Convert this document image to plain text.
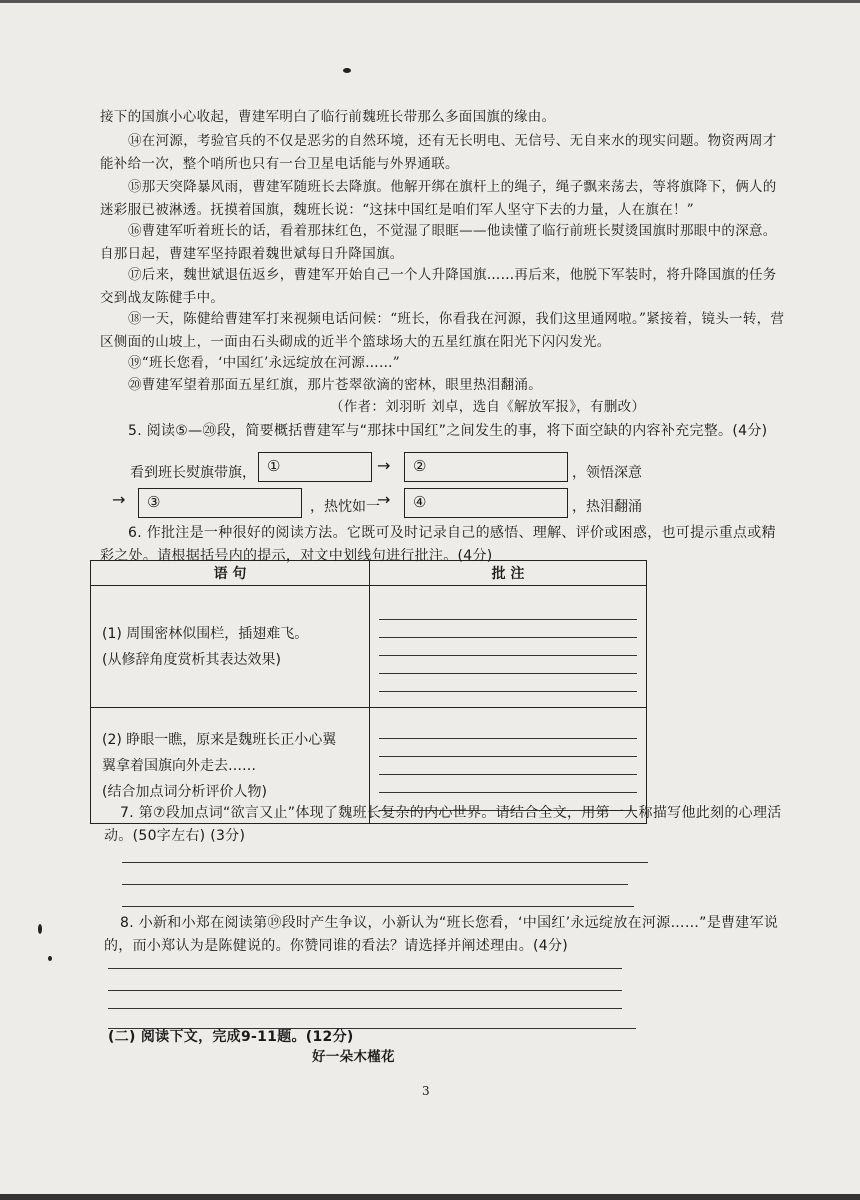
接下的国旗小心收起，曹建军明白了临行前魏班长带那么多面国旗的缘由。

⑭在河源，考验官兵的不仅是恶劣的自然环境，还有无长明电、无信号、无自来水的现实问题。物资两周才能补给一次，整个哨所也只有一台卫星电话能与外界通联。

⑮那天突降暴风雨，曹建军随班长去降旗。他解开绑在旗杆上的绳子，绳子飘来荡去，等将旗降下，俩人的迷彩服已被淋透。抚摸着国旗，魏班长说：“这抹中国红是咱们军人坚守下去的力量，人在旗在！”

⑯曹建军听着班长的话，看着那抹红色，不觉湿了眼眶——他读懂了临行前班长熨烫国旗时那眼中的深意。自那日起，曹建军坚持跟着魏世斌每日升降国旗。

⑰后来，魏世斌退伍返乡，曹建军开始自己一个人升降国旗……再后来，他脱下军装时，将升降国旗的任务交到战友陈健手中。

⑱一天，陈健给曹建军打来视频电话问候：“班长，你看我在河源，我们这里通网啦。”紧接着，镜头一转，营区侧面的山坡上，一面由石头砌成的近半个篮球场大的五星红旗在阳光下闪闪发光。

⑲“班长您看，‘中国红’永远绽放在河源……”

⑳曹建军望着那面五星红旗，那片苍翠欲滴的密林，眼里热泪翻涌。

（作者：刘羽昕 刘卓，选自《解放军报》，有删改）

5. 阅读⑤—⑳段，简要概括曹建军与“那抹中国红”之间发生的事，将下面空缺的内容补充完整。(4分)

看到班长熨旗带旗， ①	→	②	，领悟深意
→	③	，热忱如一
→	④	，热泪翻涌

6. 作批注是一种很好的阅读方法。它既可及时记录自己的感悟、理解、评价或困惑，也可提示重点或精彩之处。请根据括号内的提示，对文中划线句进行批注。(4分)

语 句	批 注

(1) 周围密林似围栏，插翅难飞。
(从修辞角度赏析其表达效果)	

(2) 睁眼一瞧，原来是魏班长正小心翼
翼拿着国旗向外走去……
(结合加点词分析评价人物)	

7. 第⑦段加点词“欲言又止”体现了魏班长复杂的内心世界。请结合全文，用第一人称描写他此刻的心理活动。(50字左右) (3分)

8. 小新和小郑在阅读第⑲段时产生争议，小新认为“班长您看，‘中国红’永远绽放在河源……”是曹建军说的，而小郑认为是陈健说的。你赞同谁的看法？请选择并阐述理由。(4分)

(二) 阅读下文，完成9-11题。(12分)

好一朵木槿花

3
